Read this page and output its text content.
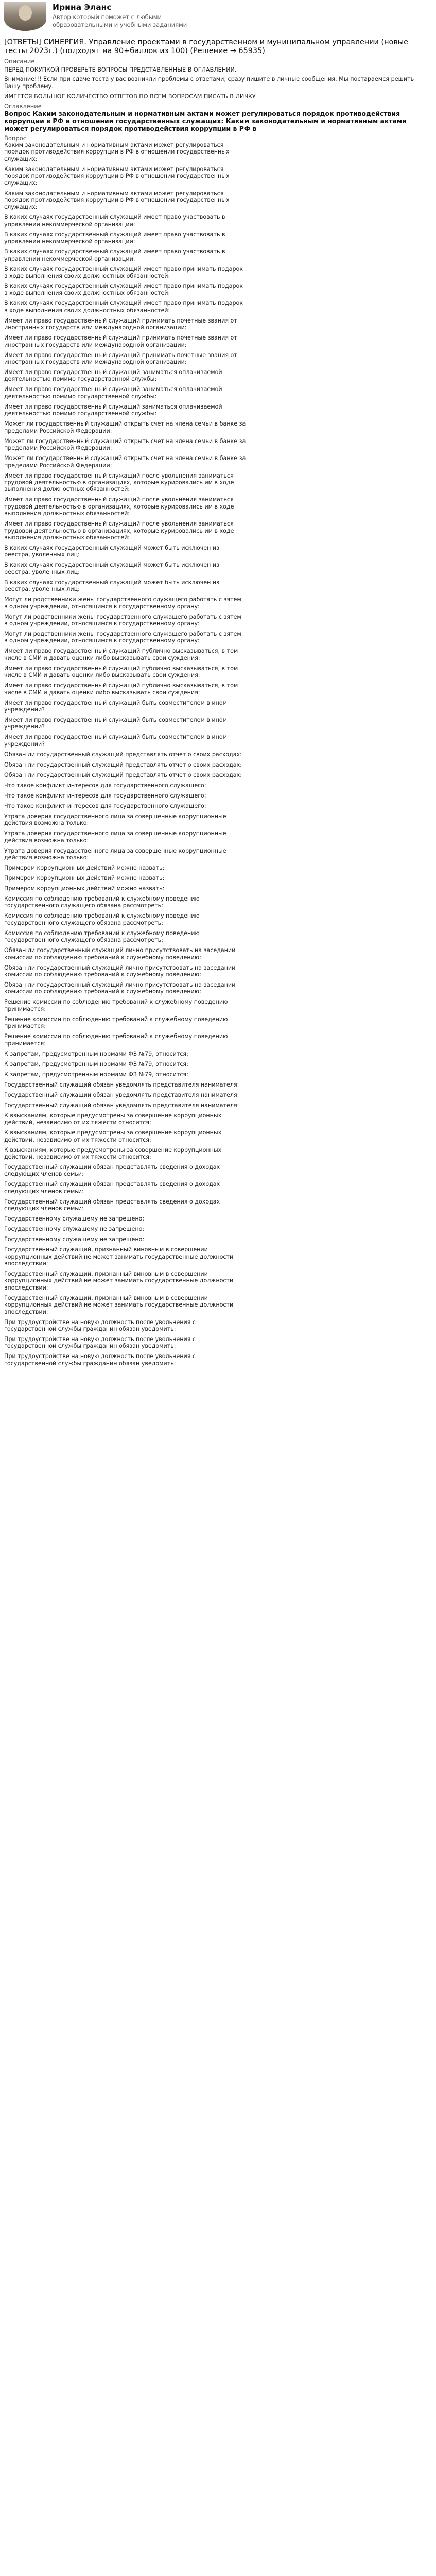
Ирина Эланс
Автор который поможет с любыми образовательными и учебными заданиями
[ОТВЕТЫ] СИНЕРГИЯ. Управление проектами в государственном и муниципальном управлении (новые тесты 2023г.) (подходят на 90+баллов из 100) (Решение → 65935)
Описание
ПЕРЕД ПОКУПКОЙ ПРОВЕРЬТЕ ВОПРОСЫ ПРЕДСТАВЛЕННЫЕ В ОГЛАВЛЕНИИ.
Внимание!!! Если при сдаче теста у вас возникли проблемы с ответами, сразу пишите в личные сообщения. Мы постараемся решить Вашу проблему.
ИМЕЕТСЯ БОЛЬШОЕ КОЛИЧЕСТВО ОТВЕТОВ ПО ВСЕМ ВОПРОСАМ ПИСАТЬ В ЛИЧКУ
Оглавление
Вопрос Каким законодательным и нормативным актами может регулироваться порядок противодействия коррупции в РФ в отношении государственных служащих: Каким законодательным и нормативным актами может регулироваться порядок противодействия коррупции в РФ в
Вопрос
Каким законодательным и нормативным актами может регулироваться порядок противодействия коррупции в РФ в отношении государственных служащих:
Каким законодательным и нормативным актами может регулироваться порядок противодействия коррупции в РФ в отношении государственных служащих:
Каким законодательным и нормативным актами может регулироваться порядок противодействия коррупции в РФ в отношении государственных служащих:
В каких случаях государственный служащий имеет право участвовать в управлении некоммерческой организации:
В каких случаях государственный служащий имеет право участвовать в управлении некоммерческой организации:
В каких случаях государственный служащий имеет право участвовать в управлении некоммерческой организации:
В каких случаях государственный служащий имеет право принимать подарок в ходе выполнения своих должностных обязанностей:
В каких случаях государственный служащий имеет право принимать подарок в ходе выполнения своих должностных обязанностей:
В каких случаях государственный служащий имеет право принимать подарок в ходе выполнения своих должностных обязанностей:
Имеет ли право государственный служащий принимать почетные звания от иностранных государств или международной организации:
Имеет ли право государственный служащий принимать почетные звания от иностранных государств или международной организации:
Имеет ли право государственный служащий принимать почетные звания от иностранных государств или международной организации:
Имеет ли право государственный служащий заниматься оплачиваемой деятельностью помимо государственной службы:
Имеет ли право государственный служащий заниматься оплачиваемой деятельностью помимо государственной службы:
Имеет ли право государственный служащий заниматься оплачиваемой деятельностью помимо государственной службы:
Может ли государственный служащий открыть счет на члена семьи в банке за пределами Российской Федерации:
Может ли государственный служащий открыть счет на члена семьи в банке за пределами Российской Федерации:
Может ли государственный служащий открыть счет на члена семьи в банке за пределами Российской Федерации:
Имеет ли право государственный служащий после увольнения заниматься трудовой деятельностью в организациях, которые курировались им в ходе выполнения должностных обязанностей:
Имеет ли право государственный служащий после увольнения заниматься трудовой деятельностью в организациях, которые курировались им в ходе выполнения должностных обязанностей:
Имеет ли право государственный служащий после увольнения заниматься трудовой деятельностью в организациях, которые курировались им в ходе выполнения должностных обязанностей:
В каких случаях государственный служащий может быть исключен из реестра, уволенных лиц:
В каких случаях государственный служащий может быть исключен из реестра, уволенных лиц:
В каких случаях государственный служащий может быть исключен из реестра, уволенных лиц:
Могут ли родственники жены государственного служащего работать с зятем в одном учреждении, относящимся к государственному органу:
Могут ли родственники жены государственного служащего работать с зятем в одном учреждении, относящимся к государственному органу:
Могут ли родственники жены государственного служащего работать с зятем в одном учреждении, относящимся к государственному органу:
Имеет ли право государственный служащий публично высказываться, в том числе в СМИ и давать оценки либо высказывать свои суждения:
Имеет ли право государственный служащий публично высказываться, в том числе в СМИ и давать оценки либо высказывать свои суждения:
Имеет ли право государственный служащий публично высказываться, в том числе в СМИ и давать оценки либо высказывать свои суждения:
Имеет ли право государственный служащий быть совместителем в ином учреждении?
Имеет ли право государственный служащий быть совместителем в ином учреждении?
Имеет ли право государственный служащий быть совместителем в ином учреждении?
Обязан ли государственный служащий представлять отчет о своих расходах:
Обязан ли государственный служащий представлять отчет о своих расходах:
Обязан ли государственный служащий представлять отчет о своих расходах:
Что такое конфликт интересов для государственного служащего:
Что такое конфликт интересов для государственного служащего:
Что такое конфликт интересов для государственного служащего:
Утрата доверия государственного лица за совершенные коррупционные действия возможна только:
Утрата доверия государственного лица за совершенные коррупционные действия возможна только:
Утрата доверия государственного лица за совершенные коррупционные действия возможна только:
Примером коррупционных действий можно назвать:
Примером коррупционных действий можно назвать:
Примером коррупционных действий можно назвать:
Комиссия по соблюдению требований к служебному поведению государственного служащего обязана рассмотреть:
Комиссия по соблюдению требований к служебному поведению государственного служащего обязана рассмотреть:
Комиссия по соблюдению требований к служебному поведению государственного служащего обязана рассмотреть:
Обязан ли государственный служащий лично присутствовать на заседании комиссии по соблюдению требований к служебному поведению:
Обязан ли государственный служащий лично присутствовать на заседании комиссии по соблюдению требований к служебному поведению:
Обязан ли государственный служащий лично присутствовать на заседании комиссии по соблюдению требований к служебному поведению:
Решение комиссии по соблюдению требований к служебному поведению принимается:
Решение комиссии по соблюдению требований к служебному поведению принимается:
Решение комиссии по соблюдению требований к служебному поведению принимается:
К запретам, предусмотренным нормами ФЗ №79, относится:
К запретам, предусмотренным нормами ФЗ №79, относится:
К запретам, предусмотренным нормами ФЗ №79, относится:
Государственный служащий обязан уведомлять представителя нанимателя:
Государственный служащий обязан уведомлять представителя нанимателя:
Государственный служащий обязан уведомлять представителя нанимателя:
К взысканиям, которые предусмотрены за совершение коррупционных действий, независимо от их тяжести относится:
К взысканиям, которые предусмотрены за совершение коррупционных действий, независимо от их тяжести относится:
К взысканиям, которые предусмотрены за совершение коррупционных действий, независимо от их тяжести относится:
Государственный служащий обязан представлять сведения о доходах следующих членов семьи:
Государственный служащий обязан представлять сведения о доходах следующих членов семьи:
Государственный служащий обязан представлять сведения о доходах следующих членов семьи:
Государственному служащему не запрещено:
Государственному служащему не запрещено:
Государственному служащему не запрещено:
Государственный служащий, признанный виновным в совершении коррупционных действий не может занимать государственные должности впоследствии:
Государственный служащий, признанный виновным в совершении коррупционных действий не может занимать государственные должности впоследствии:
Государственный служащий, признанный виновным в совершении коррупционных действий не может занимать государственные должности впоследствии:
При трудоустройстве на новую должность после увольнения с государственной службы гражданин обязан уведомить:
При трудоустройстве на новую должность после увольнения с государственной службы гражданин обязан уведомить:
При трудоустройстве на новую должность после увольнения с государственной службы гражданин обязан уведомить:
